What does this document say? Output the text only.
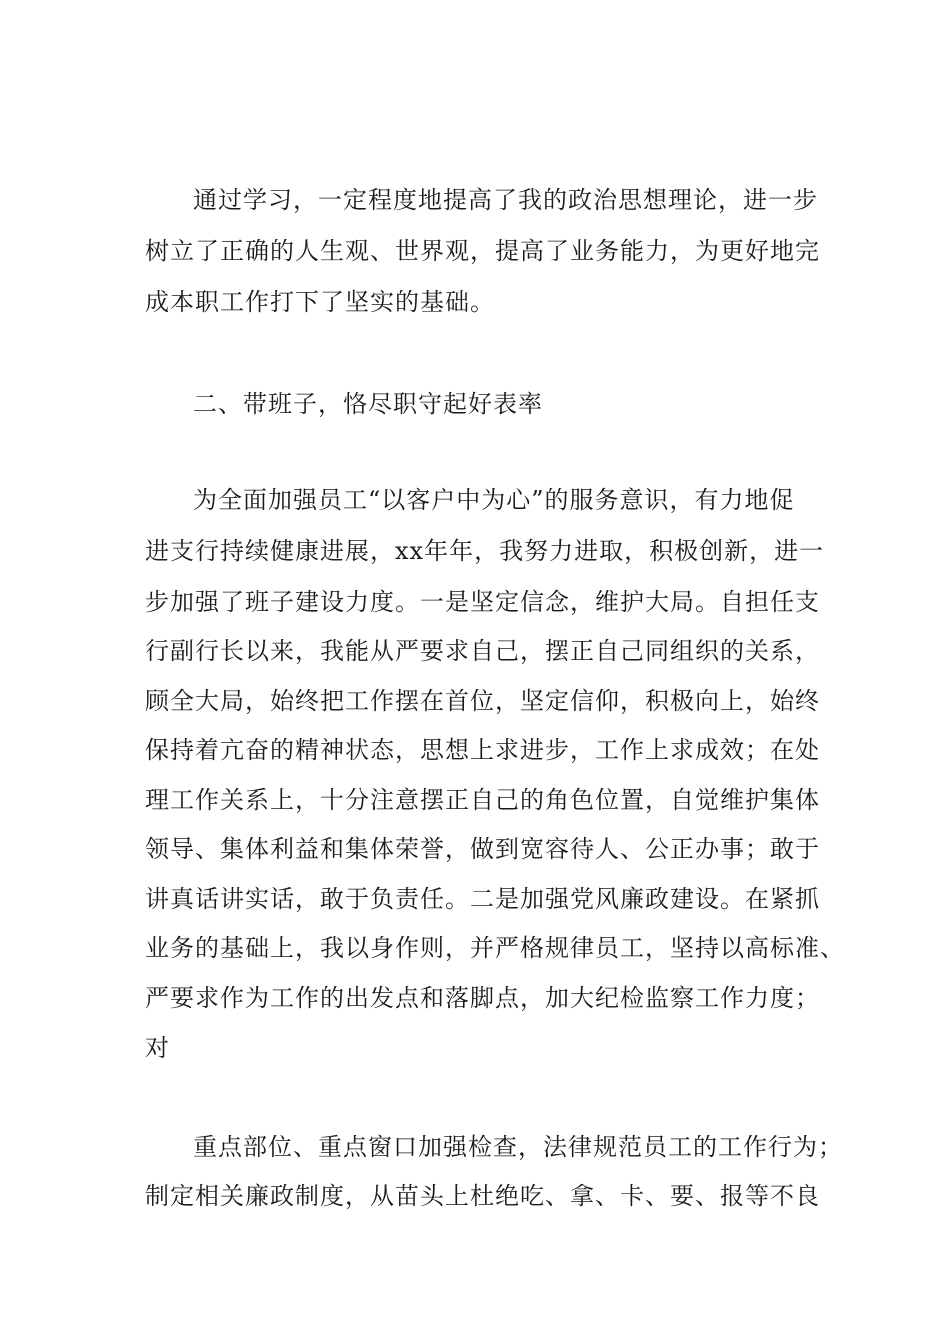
通过学习，一定程度地提高了我的政治思想理论，进一步
树立了正确的人生观、世界观，提高了业务能力，为更好地完
成本职工作打下了坚实的基础。
二、带班子，恪尽职守起好表率
为全面加强员工“以客户中为心”的服务意识，有力地促
进支行持续健康进展，xx年年，我努力进取，积极创新，进一
步加强了班子建设力度。一是坚定信念，维护大局。自担任支
行副行长以来，我能从严要求自己，摆正自己同组织的关系，
顾全大局，始终把工作摆在首位，坚定信仰，积极向上，始终
保持着亢奋的精神状态，思想上求进步，工作上求成效；在处
理工作关系上，十分注意摆正自己的角色位置，自觉维护集体
领导、集体利益和集体荣誉，做到宽容待人、公正办事；敢于
讲真话讲实话，敢于负责任。二是加强党风廉政建设。在紧抓
业务的基础上，我以身作则，并严格规律员工，坚持以高标准、
严要求作为工作的出发点和落脚点，加大纪检监察工作力度；
对
重点部位、重点窗口加强检查，法律规范员工的工作行为；
制定相关廉政制度，从苗头上杜绝吃、拿、卡、要、报等不良
